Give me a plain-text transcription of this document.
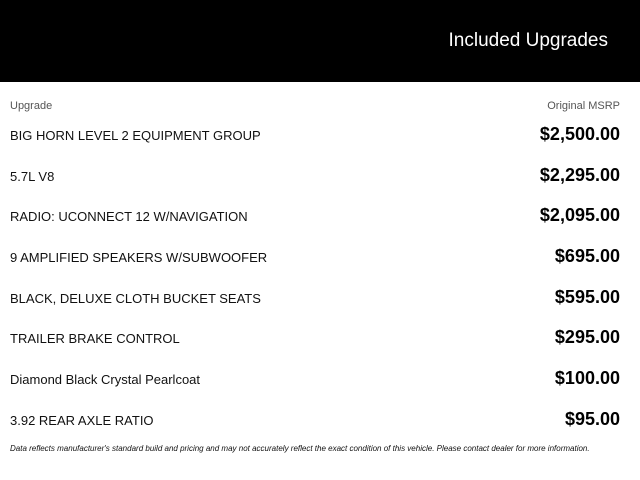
Included Upgrades
Upgrade	Original MSRP
BIG HORN LEVEL 2 EQUIPMENT GROUP	$2,500.00
5.7L V8	$2,295.00
RADIO: UCONNECT 12 W/NAVIGATION	$2,095.00
9 AMPLIFIED SPEAKERS W/SUBWOOFER	$695.00
BLACK, DELUXE CLOTH BUCKET SEATS	$595.00
TRAILER BRAKE CONTROL	$295.00
Diamond Black Crystal Pearlcoat	$100.00
3.92 REAR AXLE RATIO	$95.00
Data reflects manufacturer's standard build and pricing and may not accurately reflect the exact condition of this vehicle. Please contact dealer for more information.
